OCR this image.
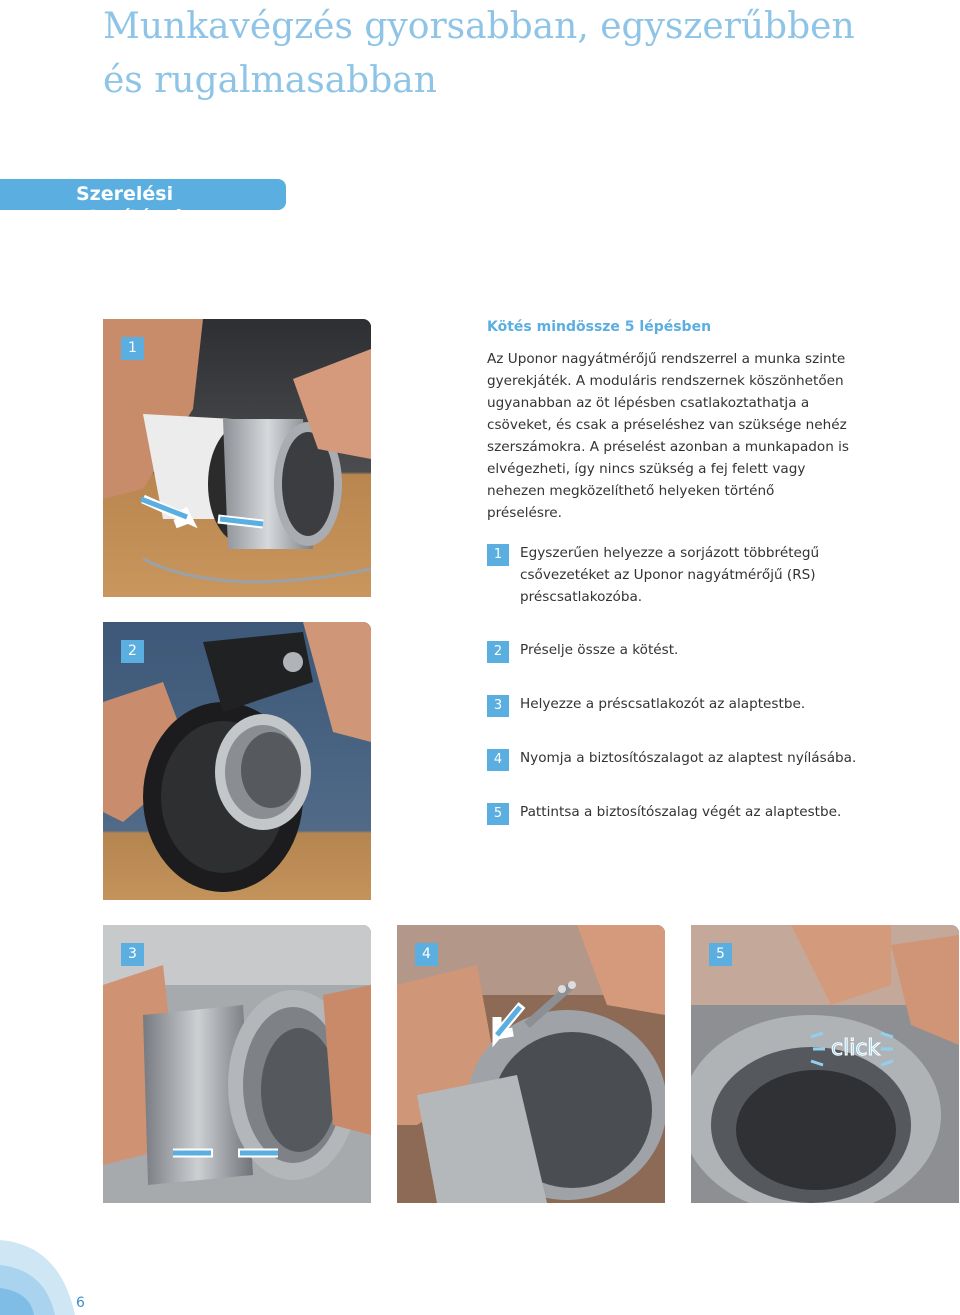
Munkavégzés gyorsabban, egyszerűbben
és rugalmasabban
Szerelési utasítások
1
2
3	4
click
5
Kötés mindössze 5 lépésben

Az Uponor nagyátmérőjű rendszerrel a munka szinte gyerekjáték. A moduláris rendszernek köszönhetően ugyanabban az öt lépésben csatlakoztathatja a csöveket, és csak a préseléshez van szüksége nehéz szerszámokra. A préselést azonban a munkapadon is elvégezheti, így nincs szükség a fej felett vagy nehezen megközelíthető helyeken történő préselésre.

1	Egyszerűen helyezze a sorjázott többrétegű csővezetéket az Uponor nagyátmérőjű (RS) préscsatlakozóba.
2	Préselje össze a kötést.
3	Helyezze a préscsatlakozót az alaptestbe.
4	Nyomja a biztosítószalagot az alaptest nyílásába.
5	Pattintsa a biztosítószalag végét az alaptestbe.
6
